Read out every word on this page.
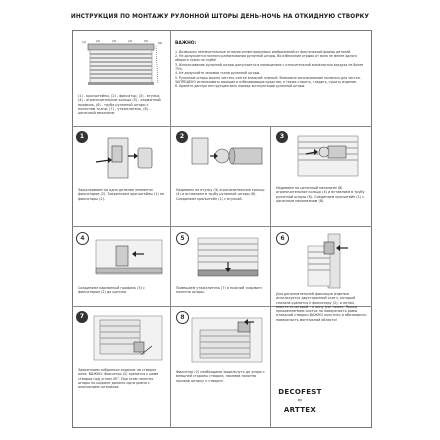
ИНСТРУКЦИЯ ПО МОНТАЖУ РУЛОННОЙ ШТОРЫ ДЕНЬ-НОЧЬ НА ОТКИДНУЮ СТВОРКУ
(1)	(2)	(3)	(4)	(5)	(8)
(1) - кронштейны, (2) - фиксатор, (3) - втулка, (4) - ограничительное кольцо (5) - карманный профиль, (6) - труба рулонной шторы с полотном ткани, (7) - утяжелитель, (8) - цепочный механизм
ВАЖНО:
1. Возможны незначительные отличия иллюстрируемых изображений от фактической формы деталей.
2. Не допускается полного разматывания рулонной шторы. Во избежание отрыва от вала не менее одного оборота ткани на трубе!
3. Использование рулонной шторы допускается в помещениях с относительной влажностью воздуха не более 75%.
4. Не допускайте заломов ткани рулонной шторы.
5. Рулонные шторы можно чистить слегка влажной тряпкой. Возможно использование пылесоса для чистки. ЗАПРЕЩЕНО использовать моющие и отбеливающие средства, а также стирать, гладить, сушить изделие.
6. Храните данную инструкцию весь период эксплуатации рулонной шторы.
1
Защелкиваем на одно деление элементы фиксаторов (2). Закрепляем кронштейны (1) на фиксаторы (2).
2
Надеваем на втулку (3) ограничительное кольцо (4) и вставляем в трубу рулонной шторы (6). Соединяем кронштейн (1) с втулкой.
3
Надеваем на цепочный механизм (8) ограничительное кольцо (4) и вставляем в трубу рулонной шторы (6). Соединяем кронштейн (1) с цепочным механизмом (8).
4
Соединяем карманный профиль (5) с фиксатором (2) до щелчка.
5
Помещаем утяжелитель (7) в нижний «карман» полотна шторы.
6
Для дополнительной фиксации изделия используется двусторонний скотч, который сначала крепится к фиксатору (2), а потом, вместе со шторой – к окну (см. ниже). Перед прикреплением скотча на поверхность рамы откидной створки ВАЖНО очистить и обезжирить поверхность монтажной области!
7
45°
Закрепляем собранное изделие на створке окна. ВАЖНО: Фиксатор (2) крепится к раме створки под углом 45°. При этом полотно шторы по ширине должно идти ровно с окончанием штапиков.
8
Фиксатор (2) необходимо защелкнуть до упора с внешней стороны створки, наклеив полотно прижав шторку к створке.
DECOFEST
by
ARTTEX
